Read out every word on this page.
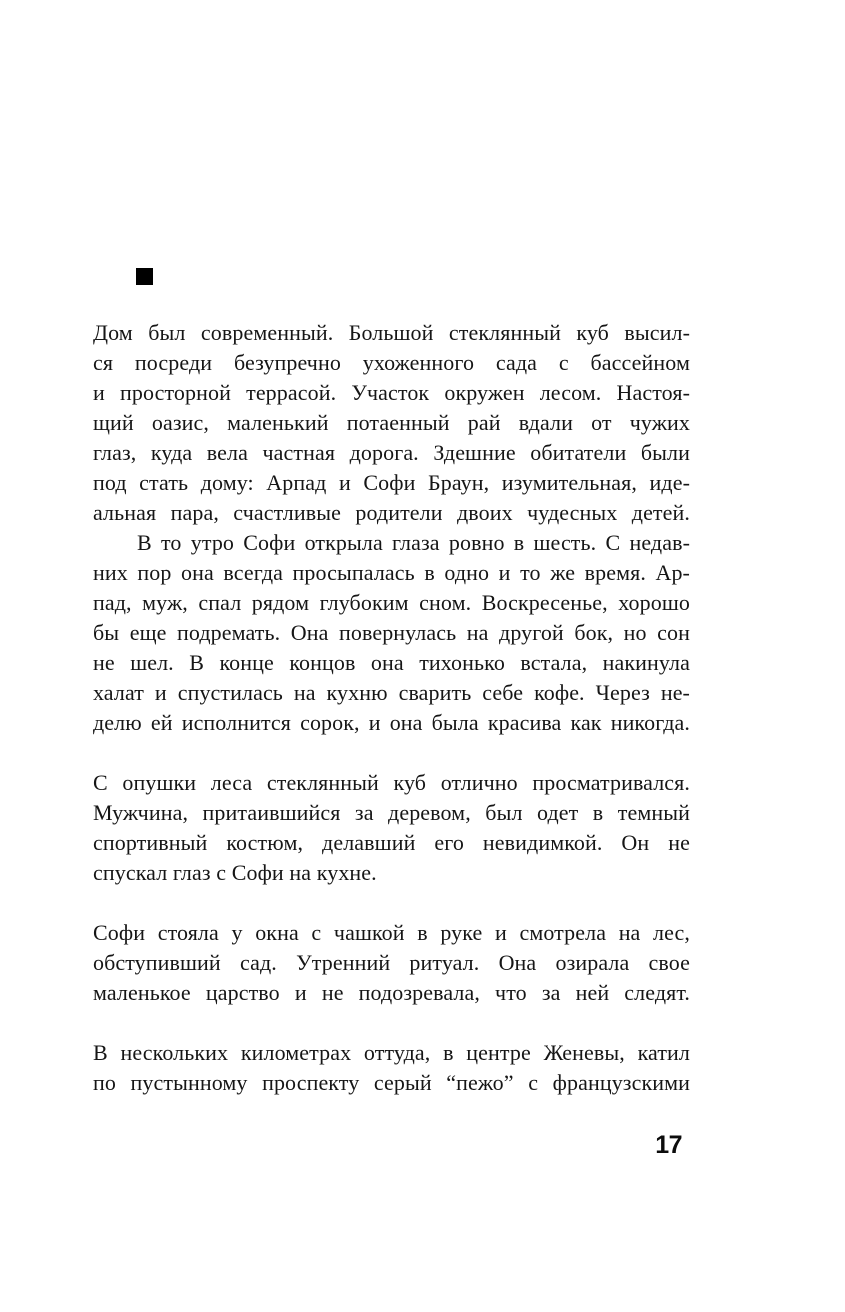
Дом был современный. Большой стеклянный куб высил-
ся посреди безупречно ухоженного сада с бассейном
и просторной террасой. Участок окружен лесом. Настоя-
щий оазис, маленький потаенный рай вдали от чужих
глаз, куда вела частная дорога. Здешние обитатели были
под стать дому: Арпад и Софи Браун, изумительная, иде-
альная пара, счастливые родители двоих чудесных детей.
В то утро Софи открыла глаза ровно в шесть. С недав-
них пор она всегда просыпалась в одно и то же время. Ар-
пад, муж, спал рядом глубоким сном. Воскресенье, хорошо
бы еще подремать. Она повернулась на другой бок, но сон
не шел. В конце концов она тихонько встала, накинула
халат и спустилась на кухню сварить себе кофе. Через не-
делю ей исполнится сорок, и она была красива как никогда.
С опушки леса стеклянный куб отлично просматривался.
Мужчина, притаившийся за деревом, был одет в темный
спортивный костюм, делавший его невидимкой. Он не
спускал глаз с Софи на кухне.
Софи стояла у окна с чашкой в руке и смотрела на лес,
обступивший сад. Утренний ритуал. Она озирала свое
маленькое царство и не подозревала, что за ней следят.
В нескольких километрах оттуда, в центре Женевы, катил
по пустынному проспекту серый “пежо” с французскими
17
